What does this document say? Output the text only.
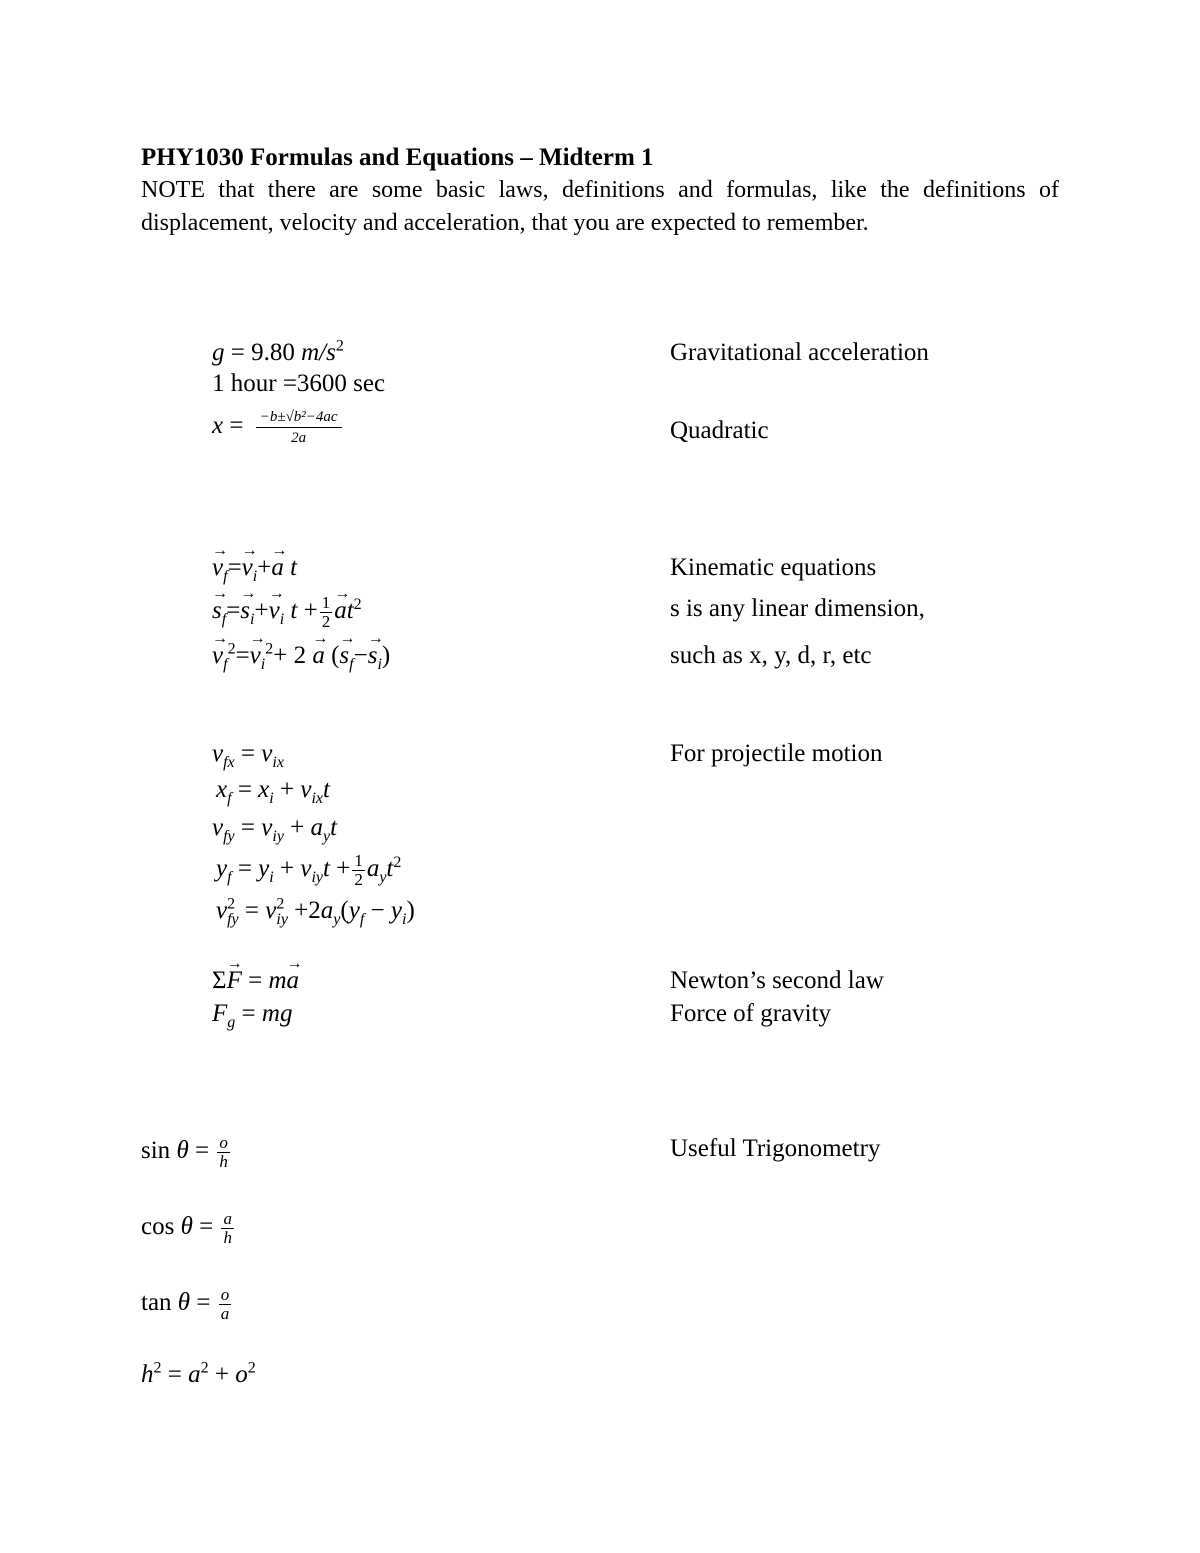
PHY1030 Formulas and Equations – Midterm 1
NOTE that there are some basic laws, definitions and formulas, like the definitions of displacement, velocity and acceleration, that you are expected to remember.
g = 9.80 $m/s^2$	Gravitational acceleration
1 hour =3600 sec
$x = \frac{\text{−b±√b²−4ac}}{2a}$	Quadratic
→ $v_f=\to v_i+\to a$ t	Kinematic equations
→ $s_f=\to s_i+\to v_i$ $t + \frac{1}{2}$
→ $at^2$	s is any linear dimension,
→ $v_f^2=\to v_i^2+ 2 \to a$ (→ $s_f-\to s_i$)	such as x, y, d, r, etc
$v_{fx} = v_{ix}$	For projectile motion
$x_f = x_i + v_{ix}t$
$v_{fy} = v_{iy} + a_yt$
$y_f = y_i + v_{iy}t + \frac{1}{2} a_yt^2$
$v^2_{fy} = v^2_{iy} +2a_y(y_f - y_i)$
Σ→ F = m→ a	Newton’s second law
$F_g$ = mg	Force of gravity
$\sin \theta = \frac{o}{h}$	Useful Trigonometry
$\cos \theta = \frac{a}{h}$
$\tan \theta = \frac{o}{a}$
$h^2 = a^2 + o^2$
